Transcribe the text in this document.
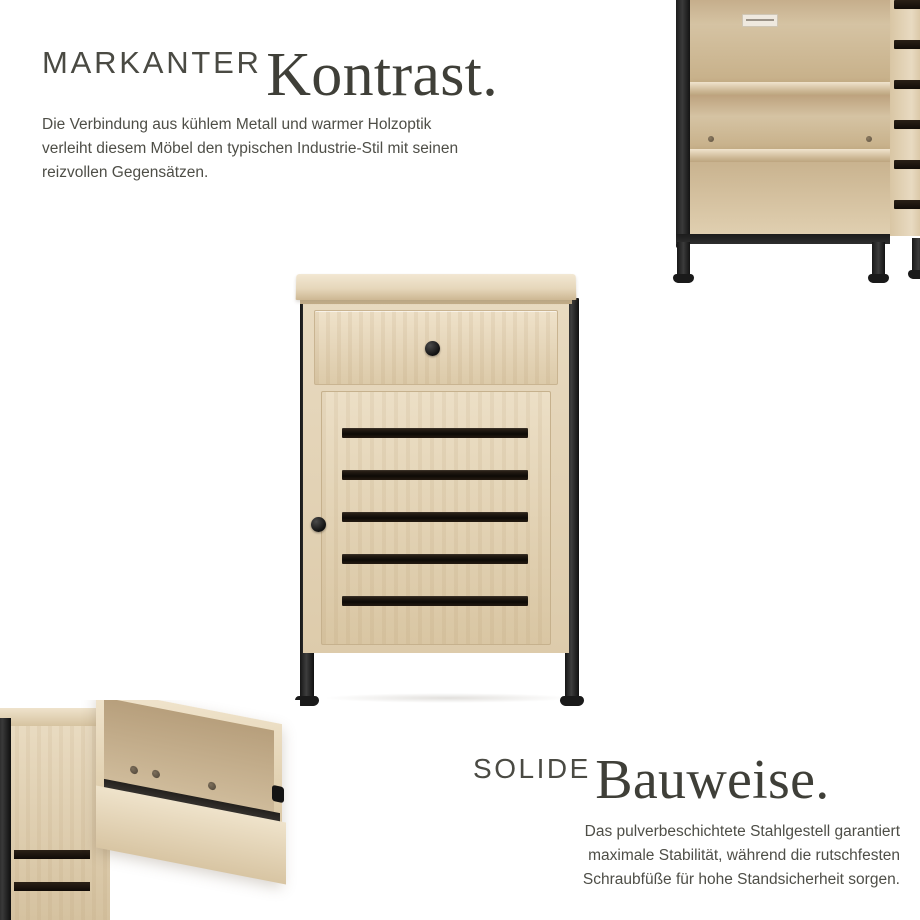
MARKANTER Kontrast.
Die Verbindung aus kühlem Metall und warmer Holzoptik verleiht diesem Möbel den typischen Industrie-Stil mit seinen reizvollen Gegensätzen.
SOLIDE Bauweise.
Das pulverbeschichtete Stahlgestell garantiert maximale Stabilität, während die rutschfesten Schraubfüße für hohe Standsicherheit sorgen.
